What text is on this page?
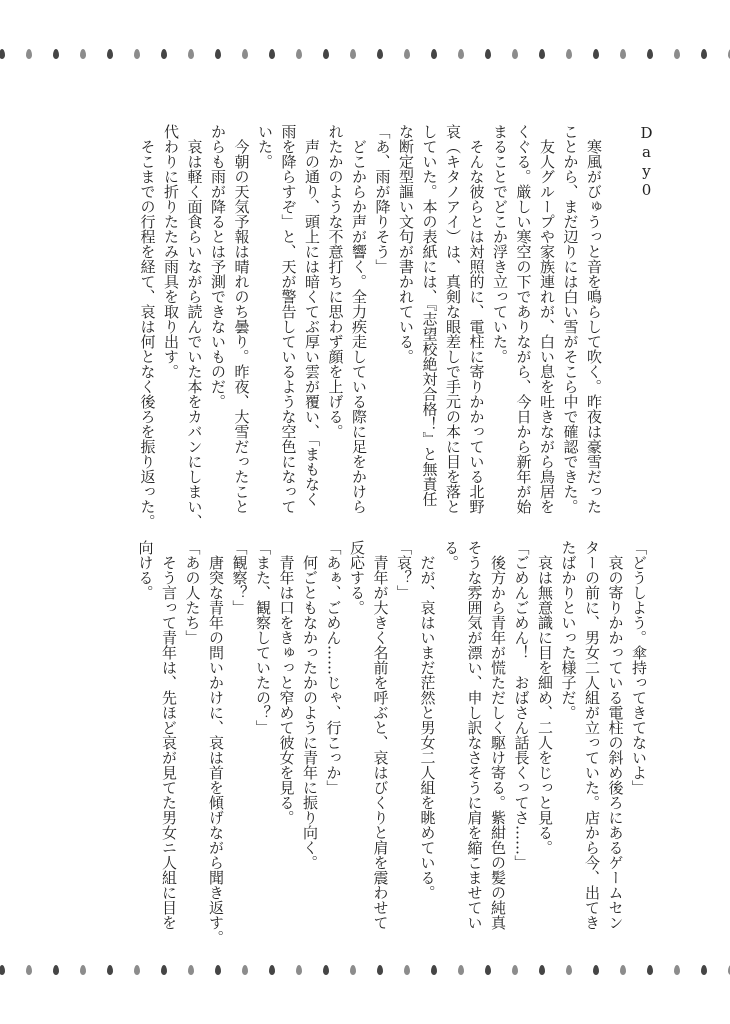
Day0
　寒風がびゅうっと音を鳴らして吹く。昨夜は豪雪だった
ことから、まだ辺りには白い雪がそこら中で確認できた。
　友人グループや家族連れが、白い息を吐きながら鳥居を
くぐる。厳しい寒空の下でありながら、今日から新年が始
まることでどこか浮き立っていた。
　そんな彼らとは対照的に、電柱に寄りかかっている北野
哀（キタノアイ）は、真剣な眼差しで手元の本に目を落と
していた。本の表紙には、『志望校絶対合格！』と無責任
な断定型謳い文句が書かれている。
「あ、雨が降りそう」
　どこからか声が響く。全力疾走している際に足をかけら
れたかのような不意打ちに思わず顔を上げる。
　声の通り、頭上には暗くてぶ厚い雲が覆い、「まもなく
雨を降らすぞ」と、天が警告しているような空色になって
いた。
　今朝の天気予報は晴れのち曇り。昨夜、大雪だったこと
からも雨が降るとは予測できないものだ。
　哀は軽く面食らいながら読んでいた本をカバンにしまい、
代わりに折りたたみ雨具を取り出す。
　そこまでの行程を経て、哀は何となく後ろを振り返った。
「どうしよう。傘持ってきてないよ」
　哀の寄りかかっている電柱の斜め後ろにあるゲームセン
ターの前に、男女二人組が立っていた。店から今、出てき
たばかりといった様子だ。
　哀は無意識に目を細め、二人をじっと見る。
「ごめんごめん！　おばさん話長くってさ……」
　後方から青年が慌ただしく駆け寄る。紫紺色の髪の純真
そうな雰囲気が漂い、申し訳なさそうに肩を縮こませてい
る。
　だが、哀はいまだ茫然と男女二人組を眺めている。
「哀？」
　青年が大きく名前を呼ぶと、哀はびくりと肩を震わせて
反応する。
「あぁ、ごめん……じゃ、行こっか」
　何ごともなかったかのように青年に振り向く。
　青年は口をきゅっと窄めて彼女を見る。
「また、観察していたの？」
「観察？」
　唐突な青年の問いかけに、哀は首を傾げながら聞き返す。
「あの人たち」
　そう言って青年は、先ほど哀が見てた男女ニ人組に目を
向ける。
